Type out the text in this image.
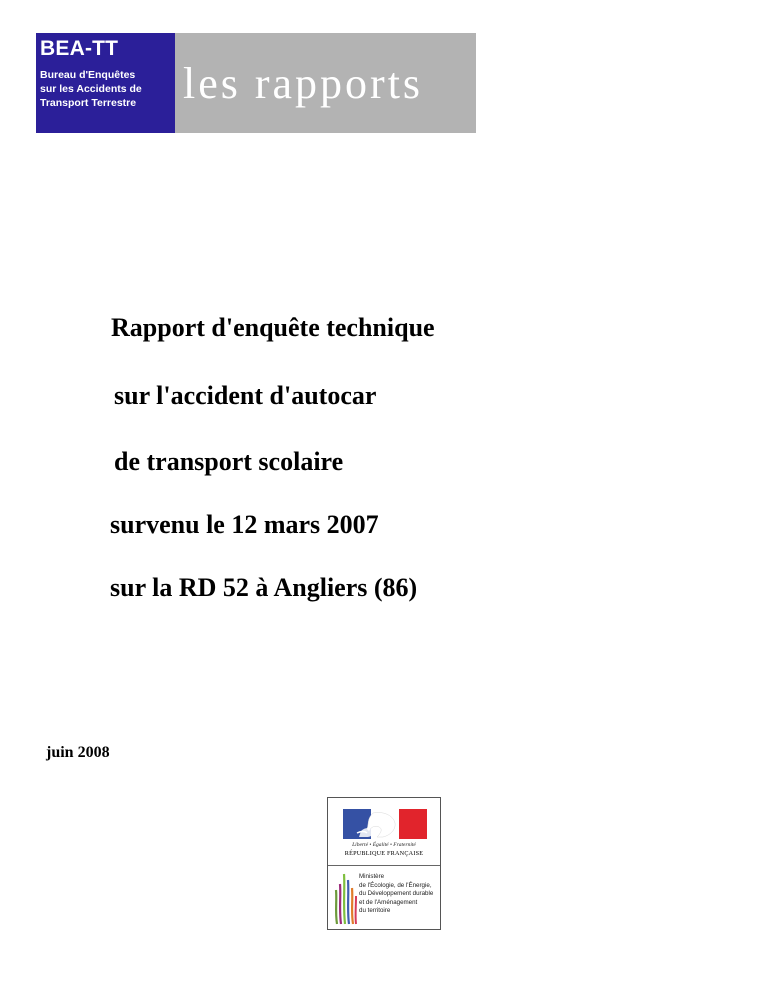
BEA-TT
Bureau d'Enquêtes
sur les Accidents de
Transport Terrestre	les rapports
Rapport d'enquête technique
sur l'accident d'autocar
de transport scolaire
survenu le 12 mars 2007
sur la RD 52 à Angliers (86)
juin 2008
Liberté • Égalité • Fraternité
RÉPUBLIQUE FRANÇAISE
Ministère
de l'Écologie, de l'Énergie,
du Développement durable
et de l'Aménagement
du territoire
